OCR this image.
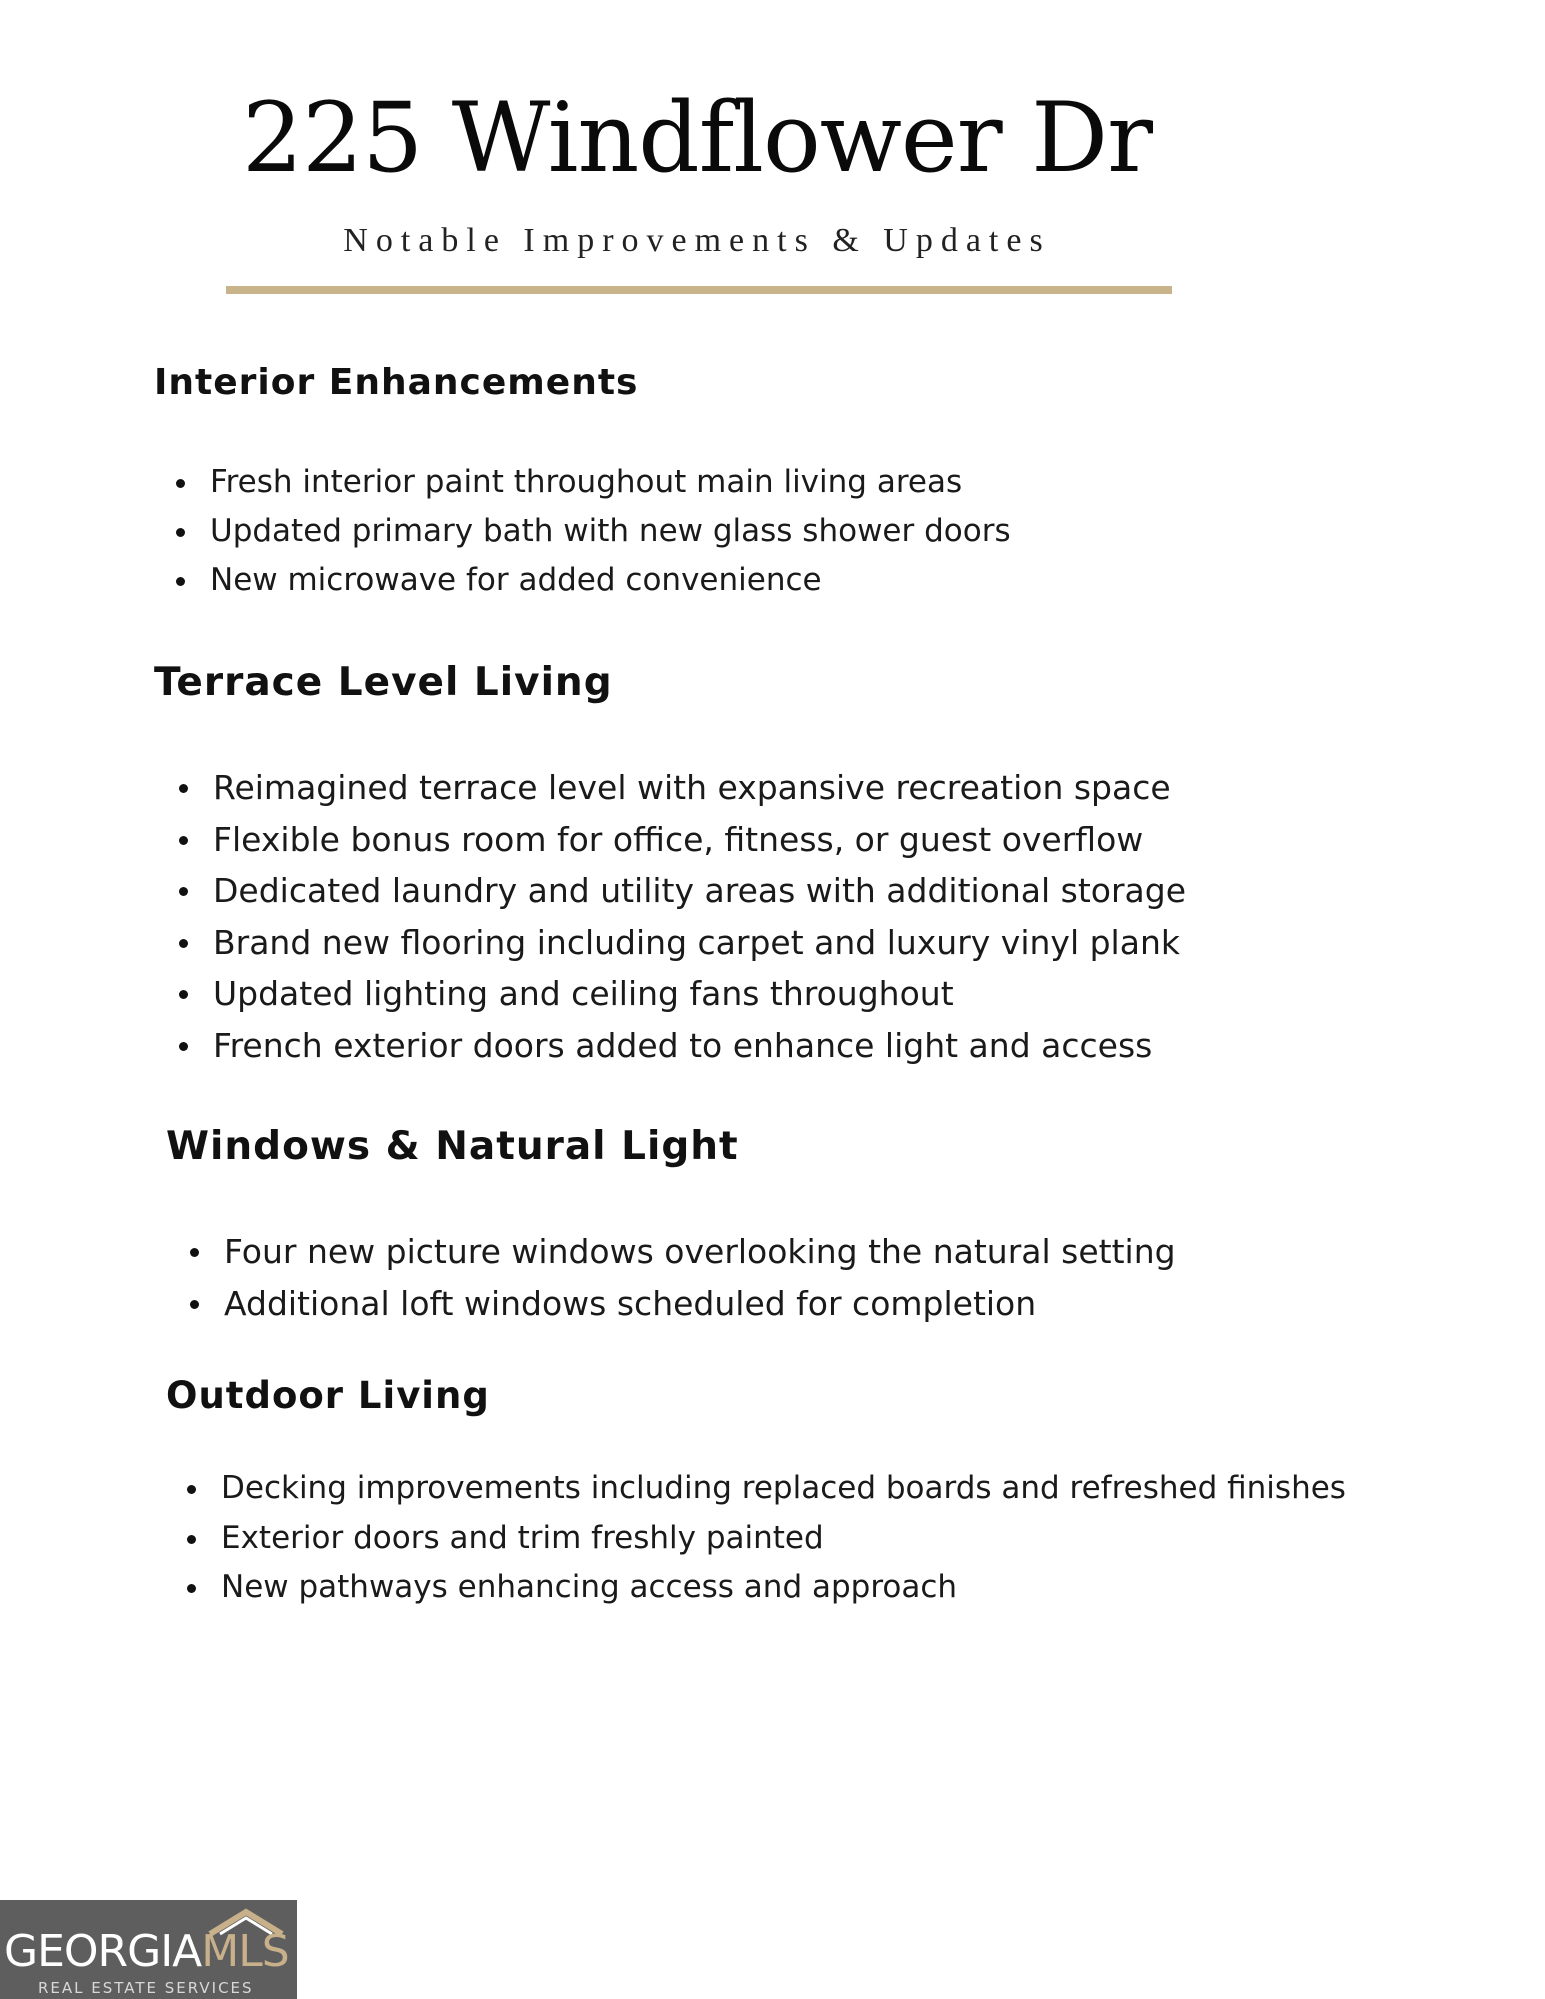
225 Windflower Dr
Notable Improvements & Updates
Interior Enhancements
Fresh interior paint throughout main living areas
Updated primary bath with new glass shower doors
New microwave for added convenience
Terrace Level Living
Reimagined terrace level with expansive recreation space
Flexible bonus room for office, fitness, or guest overflow
Dedicated laundry and utility areas with additional storage
Brand new flooring including carpet and luxury vinyl plank
Updated lighting and ceiling fans throughout
French exterior doors added to enhance light and access
Windows & Natural Light
Four new picture windows overlooking the natural setting
Additional loft windows scheduled for completion
Outdoor Living
Decking improvements including replaced boards and refreshed finishes
Exterior doors and trim freshly painted
New pathways enhancing access and approach
GEORGIAMLS
REAL ESTATE SERVICES
